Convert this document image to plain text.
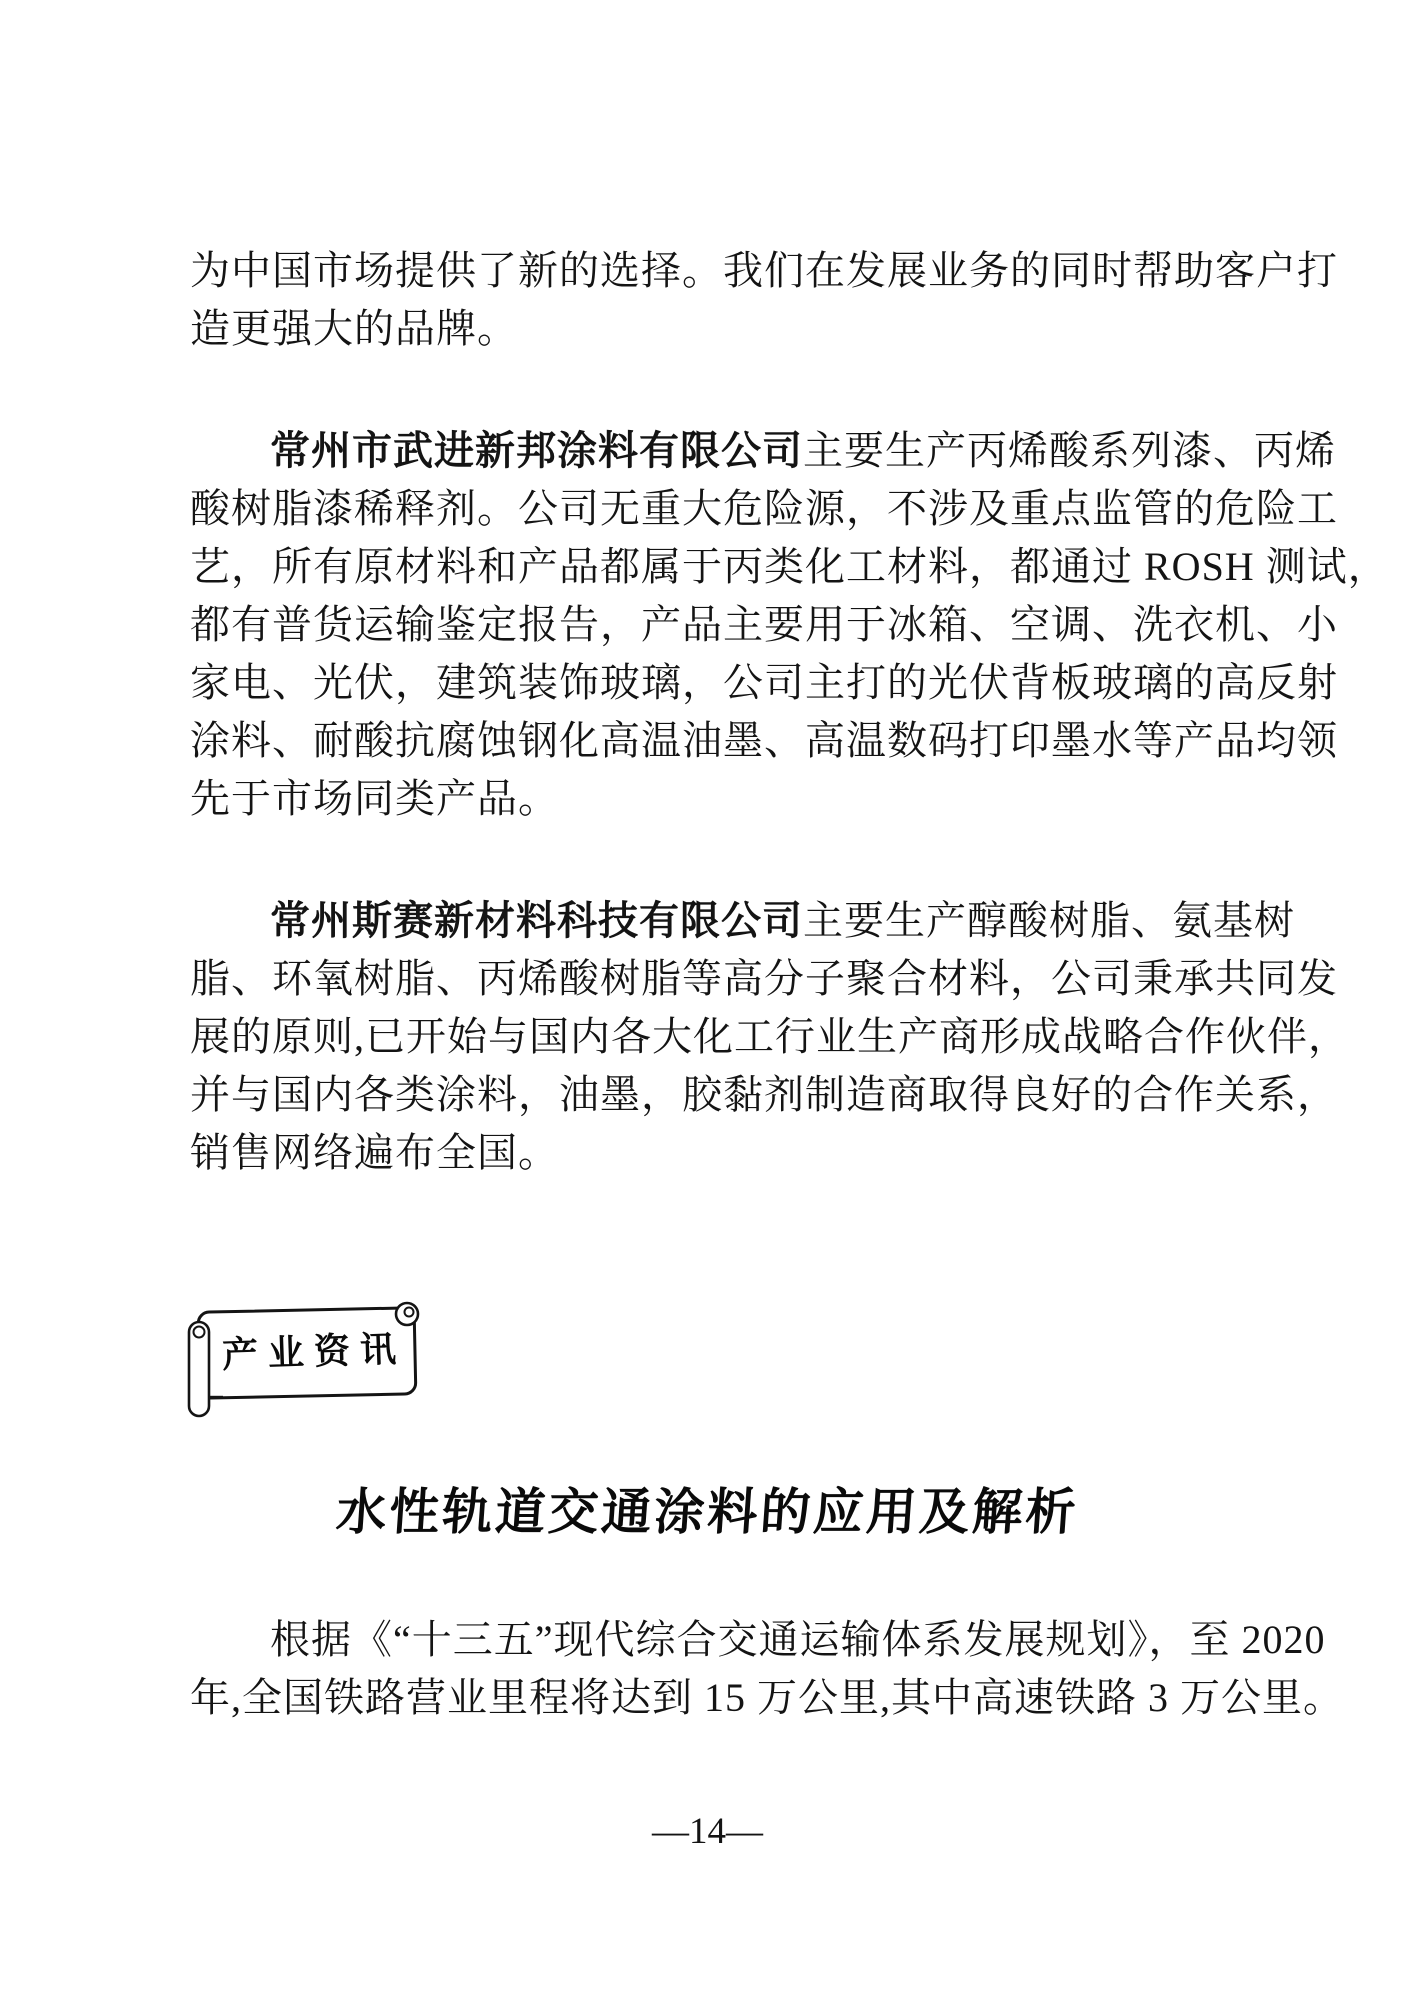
为中国市场提供了新的选择。我们在发展业务的同时帮助客户打
造更强大的品牌。
常州市武进新邦涂料有限公司主要生产丙烯酸系列漆、丙烯
酸树脂漆稀释剂。公司无重大危险源，不涉及重点监管的危险工
艺，所有原材料和产品都属于丙类化工材料，都通过 ROSH 测试，
都有普货运输鉴定报告，产品主要用于冰箱、空调、洗衣机、小
家电、光伏，建筑装饰玻璃，公司主打的光伏背板玻璃的高反射
涂料、耐酸抗腐蚀钢化高温油墨、高温数码打印墨水等产品均领
先于市场同类产品。
常州斯赛新材料科技有限公司主要生产醇酸树脂、氨基树
脂、环氧树脂、丙烯酸树脂等高分子聚合材料，公司秉承共同发
展的原则,已开始与国内各大化工行业生产商形成战略合作伙伴，
并与国内各类涂料，油墨，胶黏剂制造商取得良好的合作关系，
销售网络遍布全国。
产业资讯
水性轨道交通涂料的应用及解析
根据《“十三五”现代综合交通运输体系发展规划》，至 2020
年,全国铁路营业里程将达到 15 万公里,其中高速铁路 3 万公里。
—14—
